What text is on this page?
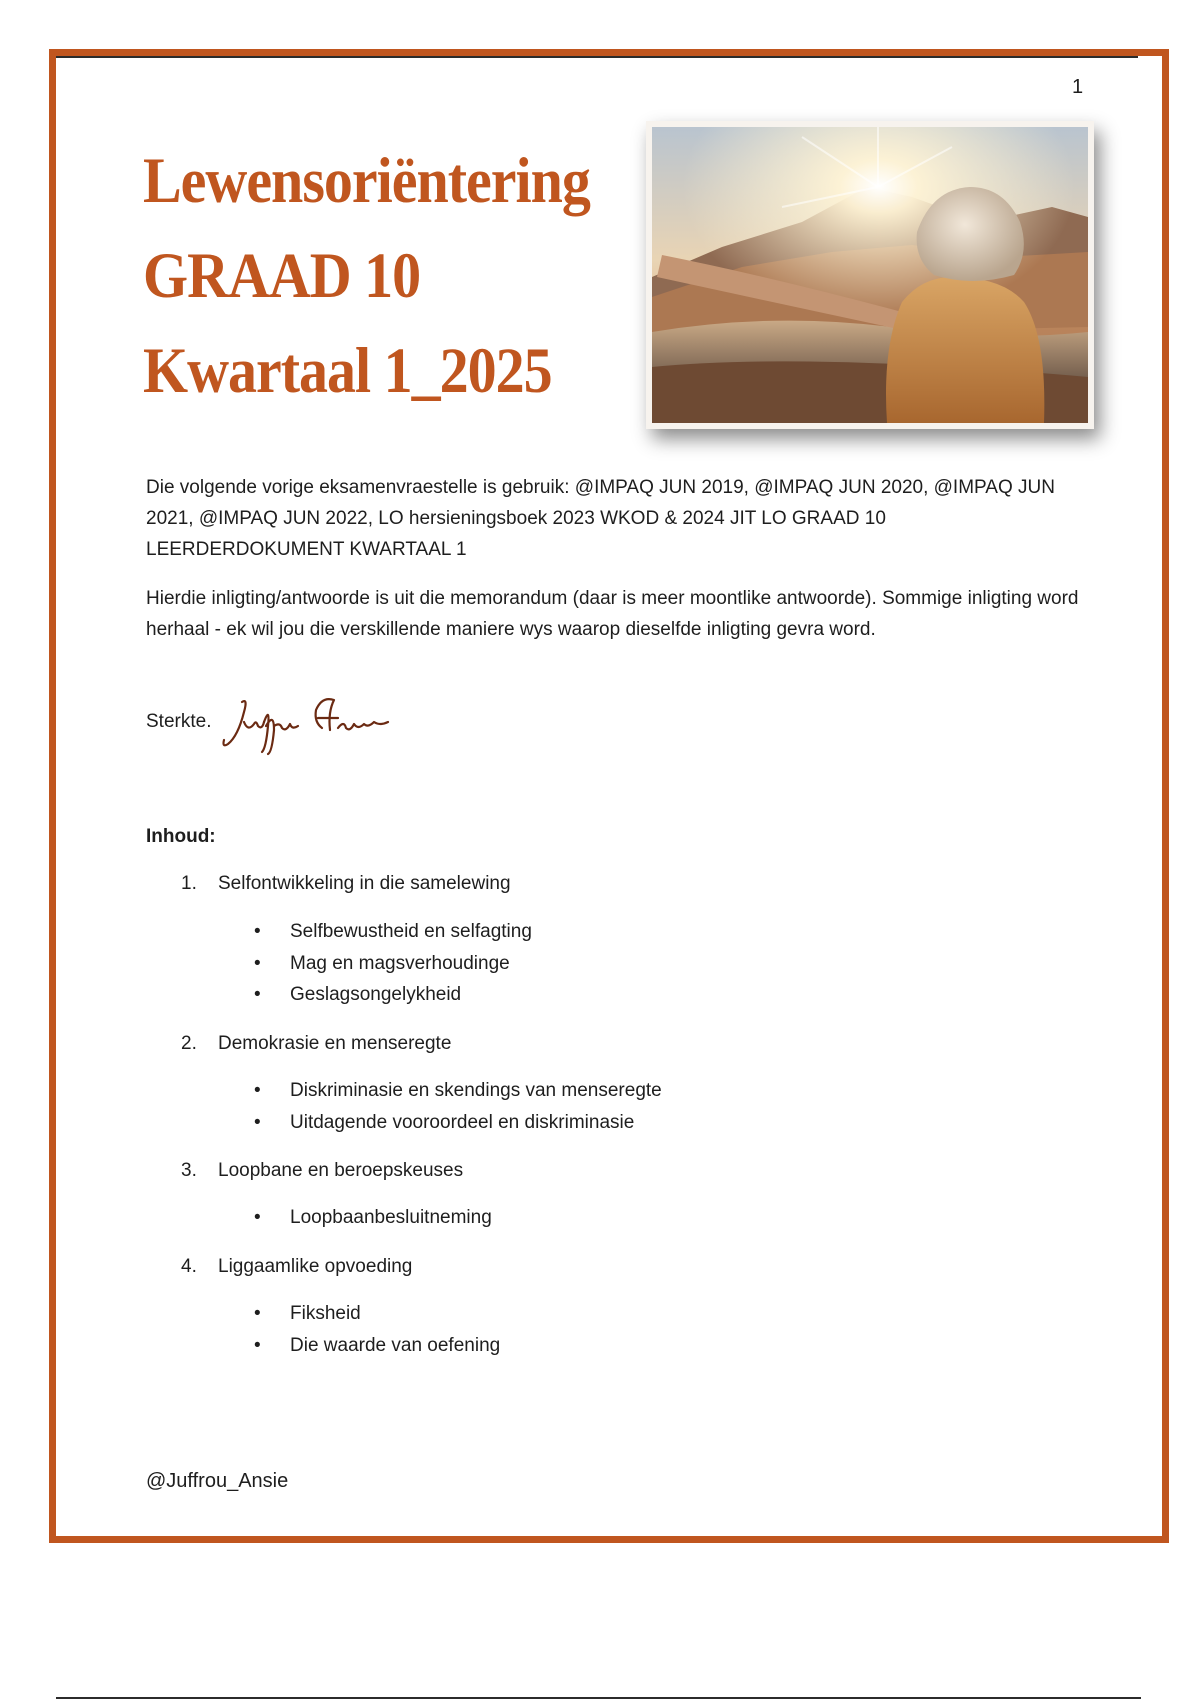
1
Lewensoriëntering
GRAAD 10
Kwartaal 1_2025

Die volgende vorige eksamenvraestelle is gebruik: @IMPAQ JUN 2019, @IMPAQ JUN 2020, @IMPAQ JUN 2021, @IMPAQ JUN 2022, LO hersieningsboek 2023 WKOD & 2024 JIT LO GRAAD 10 LEERDERDOKUMENT KWARTAAL 1

Hierdie inligting/antwoorde is uit die memorandum (daar is meer moontlike antwoorde). Sommige inligting word herhaal - ek wil jou die verskillende maniere wys waarop dieselfde inligting gevra word.

Sterkte.
Inhoud:
1. Selfontwikkeling in die samelewing
• Selfbewustheid en selfagting
• Mag en magsverhoudinge
• Geslagsongelykheid
2. Demokrasie en menseregte
• Diskriminasie en skendings van menseregte
• Uitdagende vooroordeel en diskriminasie
3. Loopbane en beroepskeuses
• Loopbaanbesluitneming
4. Liggaamlike opvoeding
• Fiksheid
• Die waarde van oefening
@Juffrou_Ansie
